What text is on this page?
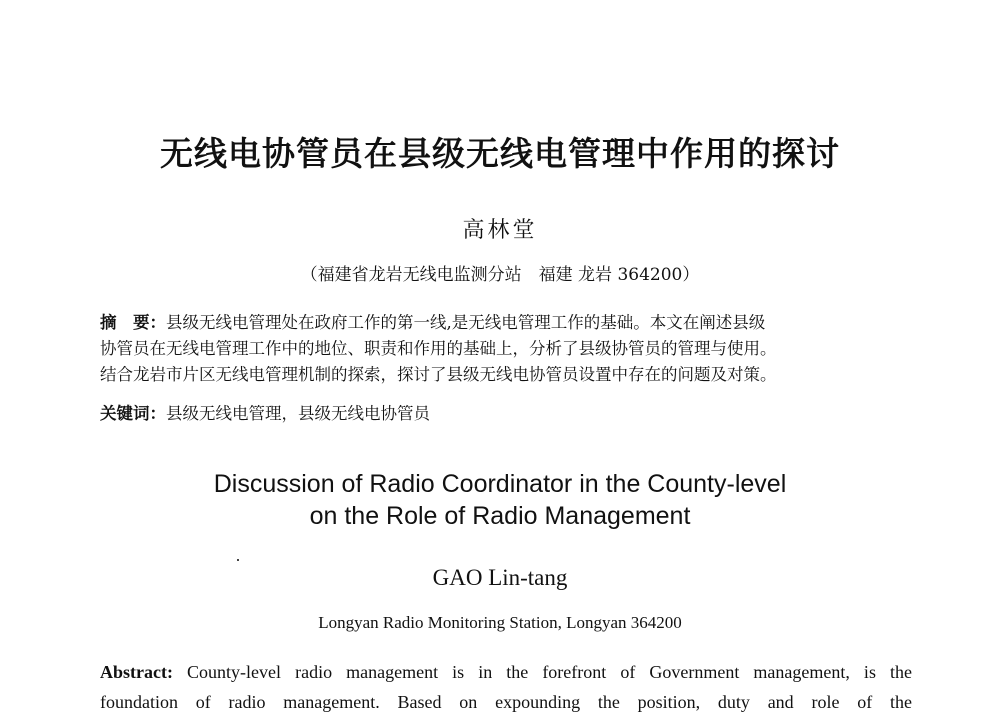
无线电协管员在县级无线电管理中作用的探讨
高林堂
（福建省龙岩无线电监测分站　福建 龙岩 364200）
摘　要：县级无线电管理处在政府工作的第一线,是无线电管理工作的基础。本文在阐述县级
协管员在无线电管理工作中的地位、职责和作用的基础上，分析了县级协管员的管理与使用。
结合龙岩市片区无线电管理机制的探索，探讨了县级无线电协管员设置中存在的问题及对策。
关键词：县级无线电管理，县级无线电协管员
Discussion of Radio Coordinator in the County-level
on the Role of Radio Management
GAO Lin-tang
Longyan Radio Monitoring Station, Longyan 364200
Abstract: County-level radio management is in the forefront of Government management, is the
foundation of radio management. Based on expounding the position, duty and role of the
